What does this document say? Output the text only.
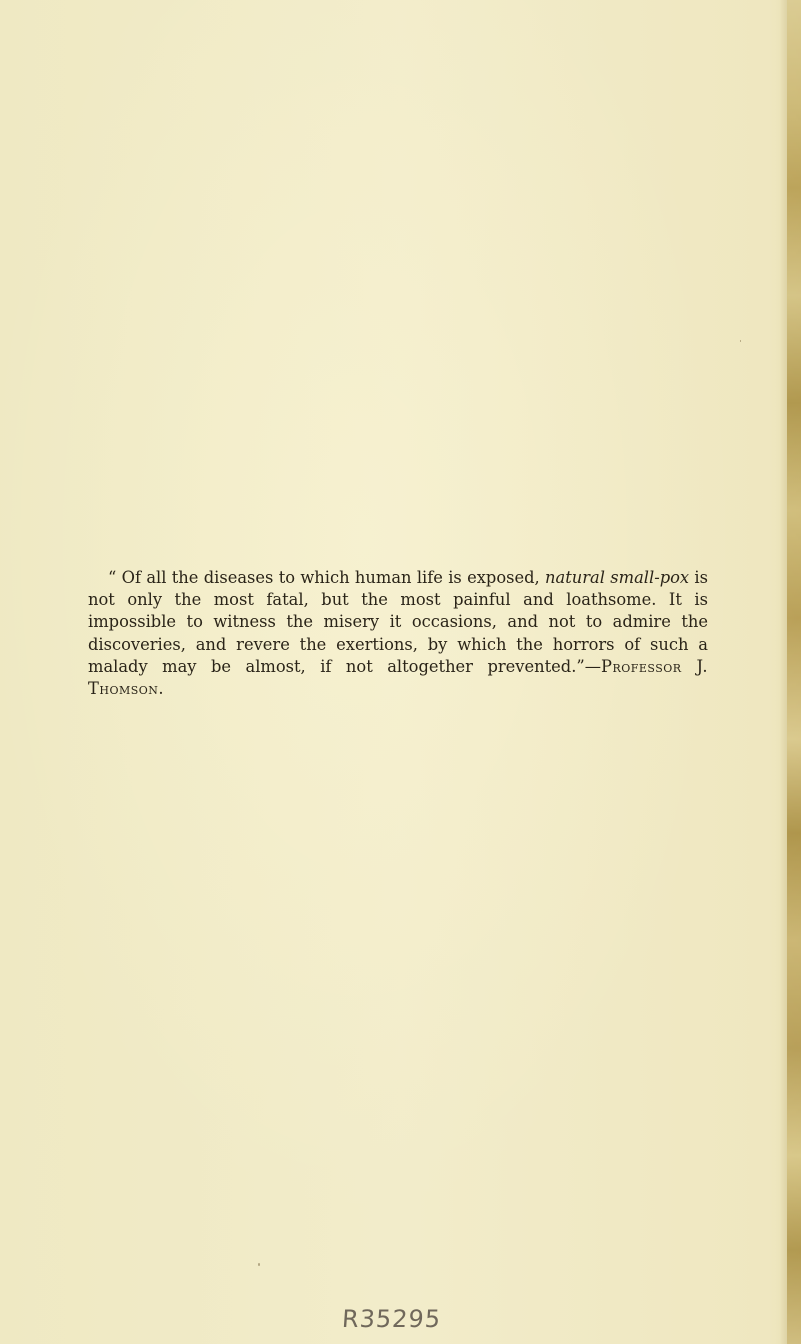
“ Of all the diseases to which human life is exposed, natural small-pox is not only the most fatal, but the most painful and loathsome. It is impossible to witness the misery it occasions, and not to admire the discoveries, and revere the exertions, by which the horrors of such a malady may be almost, if not altogether prevented.”—Professor J. Thomson.

R35295
